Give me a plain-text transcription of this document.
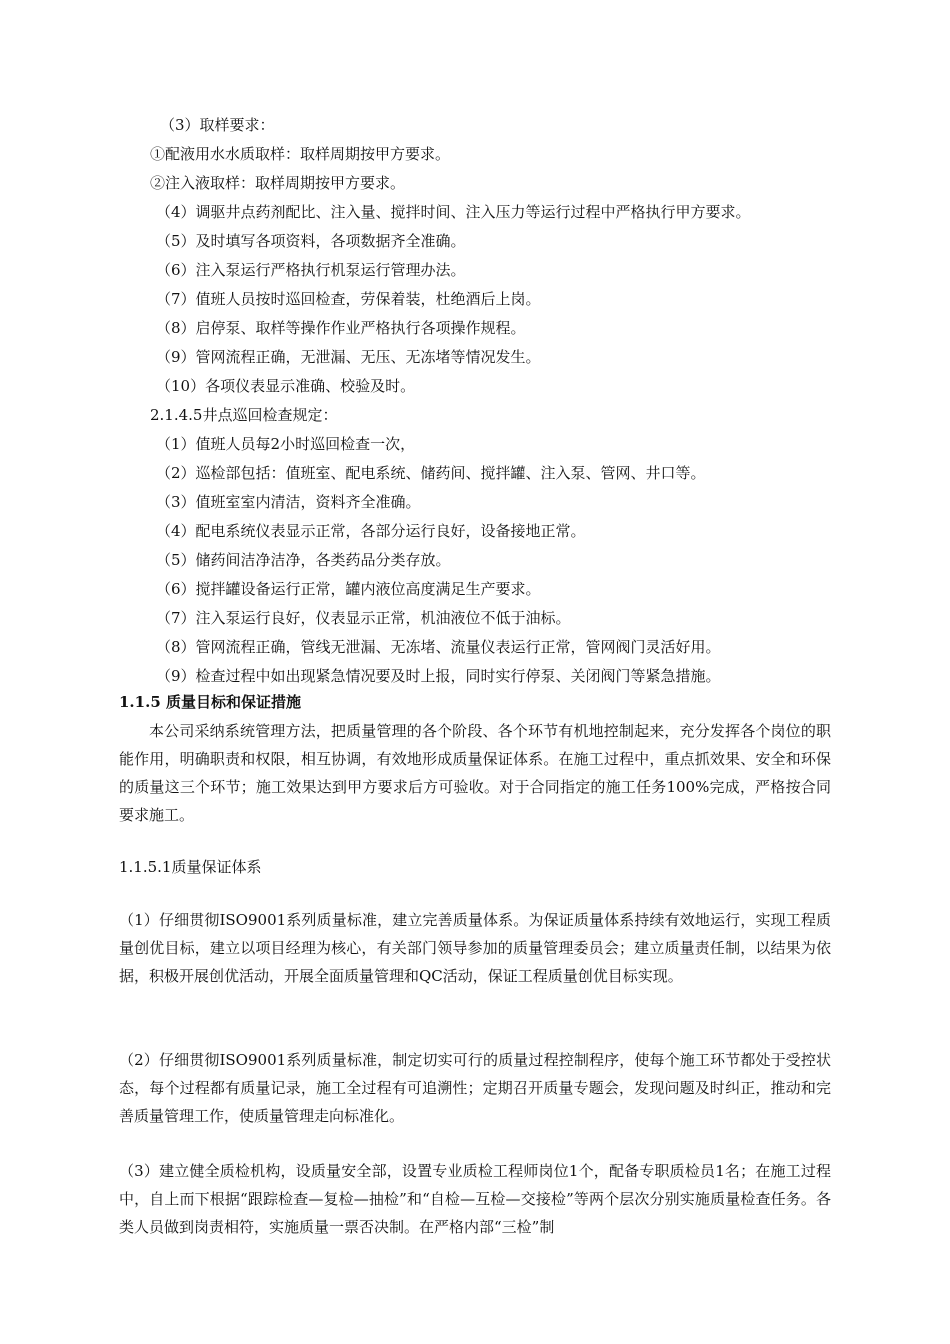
（3）取样要求：
①配液用水水质取样：取样周期按甲方要求。
②注入液取样：取样周期按甲方要求。
（4）调驱井点药剂配比、注入量、搅拌时间、注入压力等运行过程中严格执行甲方要求。
（5）及时填写各项资料，各项数据齐全准确。
（6）注入泵运行严格执行机泵运行管理办法。
（7）值班人员按时巡回检查，劳保着装，杜绝酒后上岗。
（8）启停泵、取样等操作作业严格执行各项操作规程。
（9）管网流程正确，无泄漏、无压、无冻堵等情况发生。
（10）各项仪表显示准确、校验及时。
2.1.4.5井点巡回检查规定：
（1）值班人员每2小时巡回检查一次，
（2）巡检部包括：值班室、配电系统、储药间、搅拌罐、注入泵、管网、井口等。
（3）值班室室内清洁，资料齐全准确。
（4）配电系统仪表显示正常，各部分运行良好，设备接地正常。
（5）储药间洁净洁净，各类药品分类存放。
（6）搅拌罐设备运行正常，罐内液位高度满足生产要求。
（7）注入泵运行良好，仪表显示正常，机油液位不低于油标。
（8）管网流程正确，管线无泄漏、无冻堵、流量仪表运行正常，管网阀门灵活好用。
（9）检查过程中如出现紧急情况要及时上报，同时实行停泵、关闭阀门等紧急措施。
1.1.5 质量目标和保证措施
本公司采纳系统管理方法，把质量管理的各个阶段、各个环节有机地控制起来，充分发挥各个岗位的职能作用，明确职责和权限，相互协调，有效地形成质量保证体系。在施工过程中，重点抓效果、安全和环保的质量这三个环节；施工效果达到甲方要求后方可验收。对于合同指定的施工任务100%完成，严格按合同要求施工。
1.1.5.1质量保证体系
（1）仔细贯彻ISO9001系列质量标准，建立完善质量体系。为保证质量体系持续有效地运行，实现工程质量创优目标，建立以项目经理为核心，有关部门领导参加的质量管理委员会；建立质量责任制，以结果为依据，积极开展创优活动，开展全面质量管理和QC活动，保证工程质量创优目标实现。
（2）仔细贯彻ISO9001系列质量标准，制定切实可行的质量过程控制程序，使每个施工环节都处于受控状态，每个过程都有质量记录，施工全过程有可追溯性；定期召开质量专题会，发现问题及时纠正，推动和完善质量管理工作，使质量管理走向标准化。
（3）建立健全质检机构，设质量安全部，设置专业质检工程师岗位1个，配备专职质检员1名；在施工过程中，自上而下根据“跟踪检查—复检—抽检”和“自检—互检—交接检”等两个层次分别实施质量检查任务。各类人员做到岗责相符，实施质量一票否决制。在严格内部“三检”制
